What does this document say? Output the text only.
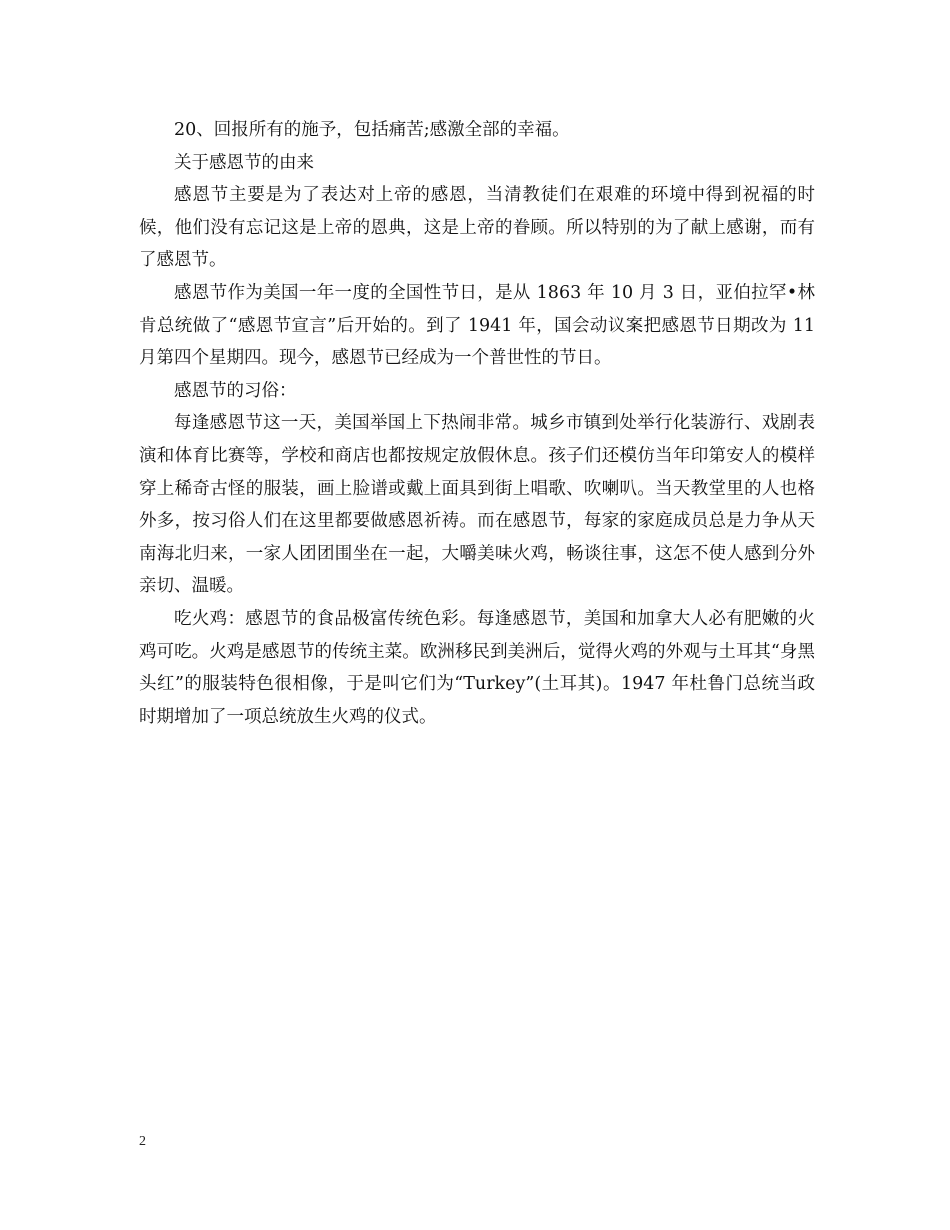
20、回报所有的施予，包括痛苦;感激全部的幸福。

关于感恩节的由来

感恩节主要是为了表达对上帝的感恩，当清教徒们在艰难的环境中得到祝福的时候，他们没有忘记这是上帝的恩典，这是上帝的眷顾。所以特别的为了献上感谢，而有了感恩节。

感恩节作为美国一年一度的全国性节日，是从 1863 年 10 月 3 日，亚伯拉罕•林肯总统做了“感恩节宣言”后开始的。到了 1941 年，国会动议案把感恩节日期改为 11 月第四个星期四。现今，感恩节已经成为一个普世性的节日。

感恩节的习俗：

每逢感恩节这一天，美国举国上下热闹非常。城乡市镇到处举行化装游行、戏剧表演和体育比赛等，学校和商店也都按规定放假休息。孩子们还模仿当年印第安人的模样穿上稀奇古怪的服装，画上脸谱或戴上面具到街上唱歌、吹喇叭。当天教堂里的人也格外多，按习俗人们在这里都要做感恩祈祷。而在感恩节，每家的家庭成员总是力争从天南海北归来，一家人团团围坐在一起，大嚼美味火鸡，畅谈往事，这怎不使人感到分外亲切、温暖。

吃火鸡：感恩节的食品极富传统色彩。每逢感恩节，美国和加拿大人必有肥嫩的火鸡可吃。火鸡是感恩节的传统主菜。欧洲移民到美洲后，觉得火鸡的外观与土耳其“身黑头红”的服装特色很相像，于是叫它们为“Turkey”(土耳其)。1947 年杜鲁门总统当政时期增加了一项总统放生火鸡的仪式。

2
